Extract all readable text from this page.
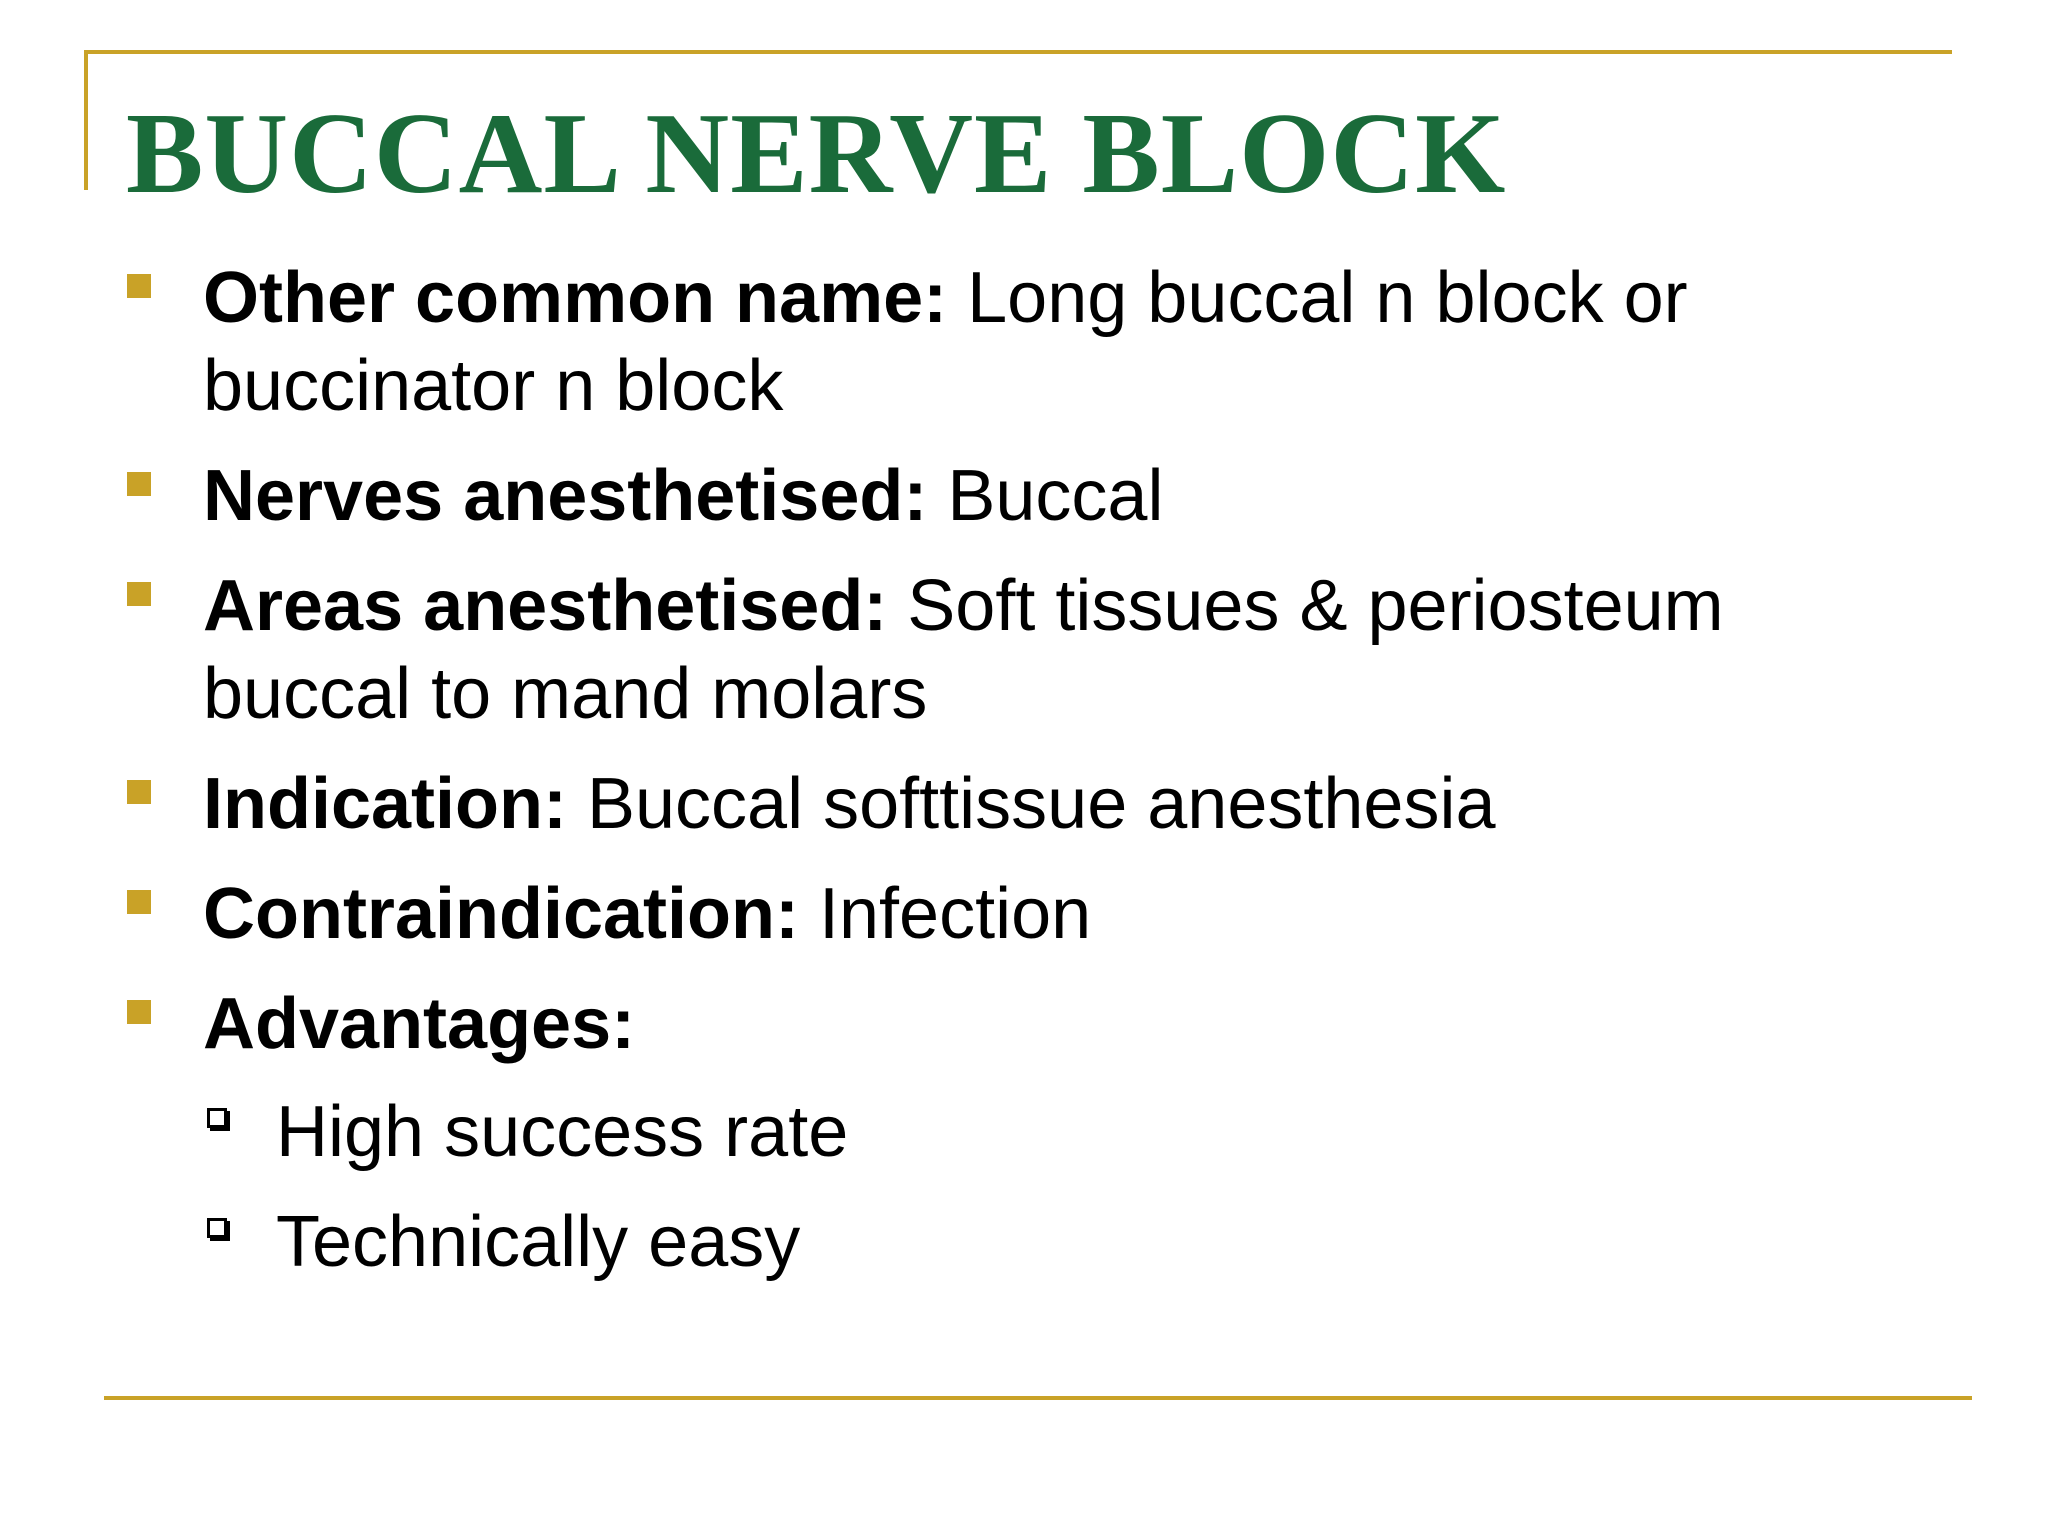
BUCCAL NERVE BLOCK
Other common name: Long buccal n block or buccinator n block
Nerves anesthetised: Buccal
Areas anesthetised: Soft tissues & periosteum buccal to mand molars
Indication: Buccal softtissue anesthesia
Contraindication: Infection
Advantages:
High success rate
Technically easy
